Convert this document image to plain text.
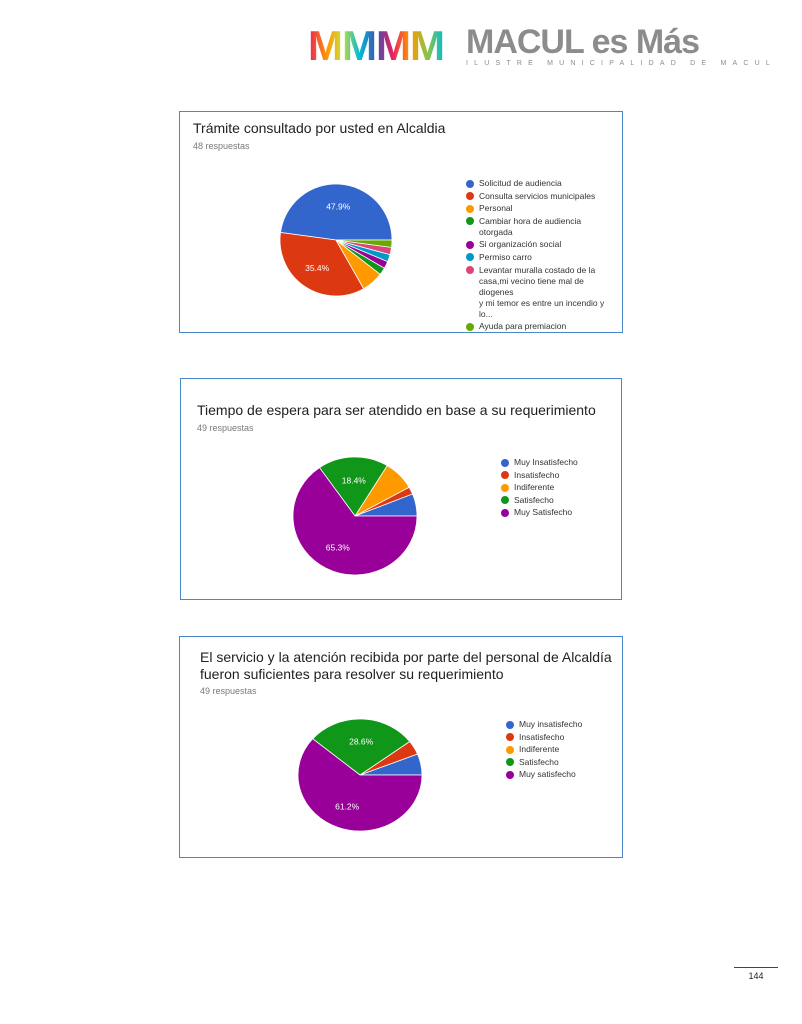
MMMM MACUL es Más
ILUSTRE MUNICIPALIDAD DE MACUL
Trámite consultado por usted en Alcaldia
48 respuestas
47.9%
35.4%
Solicitud de audiencia
Consulta servicios municipales
Personal
Cambiar hora de audiencia otorgada
Si organización social
Permiso carro
Levantar muralla costado de la
casa,mi vecino tiene mal de diogenes
y mi temor es entre un incendio y lo...
Ayuda para premiacion
Tiempo de espera para ser atendido en base a su requerimiento
49 respuestas
18.4%
65.3%
Muy Insatisfecho
Insatisfecho
Indiferente
Satisfecho
Muy Satisfecho
El servicio y la atención recibida por parte del personal de Alcaldía
fueron suficientes para resolver su requerimiento
49 respuestas
28.6%
61.2%
Muy insatisfecho
Insatisfecho
Indiferente
Satisfecho
Muy satisfecho
144
